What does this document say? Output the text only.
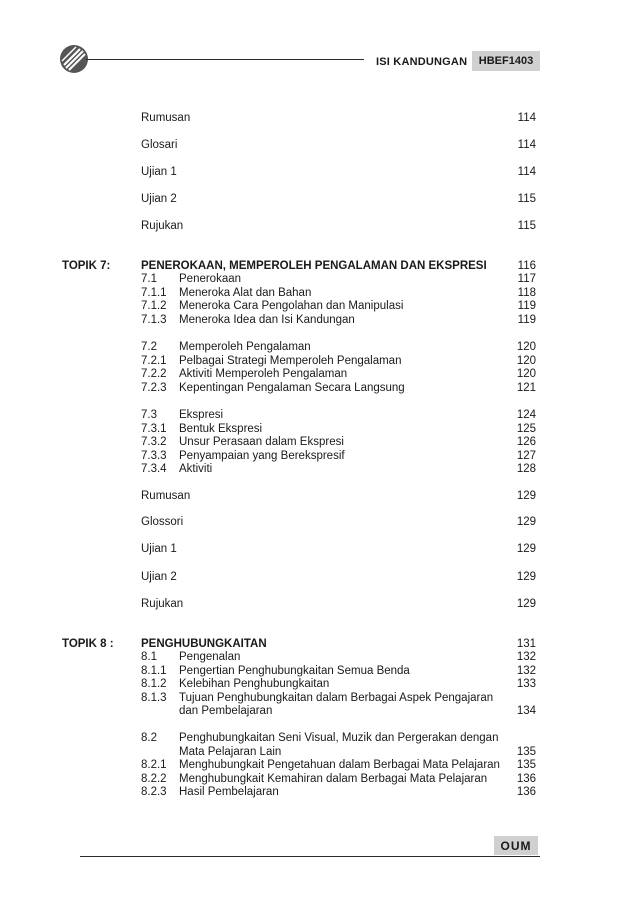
ISI KANDUNGAN	HBEF1403
Rumusan	114
Glosari	114
Ujian 1	114
Ujian 2	115
Rujukan	115
TOPIK 7:	PENEROKAAN, MEMPEROLEH PENGALAMAN DAN EKSPRESI	116
7.1 Penerokaan	117
7.1.1 Meneroka Alat dan Bahan	118
7.1.2 Meneroka Cara Pengolahan dan Manipulasi	119
7.1.3 Meneroka Idea dan Isi Kandungan	119
7.2 Memperoleh Pengalaman	120
7.2.1 Pelbagai Strategi Memperoleh Pengalaman	120
7.2.2 Aktiviti Memperoleh Pengalaman	120
7.2.3 Kepentingan Pengalaman Secara Langsung	121
7.3 Ekspresi	124
7.3.1 Bentuk Ekspresi	125
7.3.2 Unsur Perasaan dalam Ekspresi	126
7.3.3 Penyampaian yang Berekspresif	127
7.3.4 Aktiviti	128
Rumusan	129
Glossori	129
Ujian 1	129
Ujian 2	129
Rujukan	129
TOPIK 8 : PENGHUBUNGKAITAN	131
8.1 Pengenalan	132
8.1.1 Pengertian Penghubungkaitan Semua Benda	132
8.1.2 Kelebihan Penghubungkaitan	133
8.1.3 Tujuan Penghubungkaitan dalam Berbagai Aspek Pengajaran
dan Pembelajaran	134
8.2 Penghubungkaitan Seni Visual, Muzik dan Pergerakan dengan
Mata Pelajaran Lain	135
8.2.1 Menghubungkait Pengetahuan dalam Berbagai Mata Pelajaran 135
8.2.2 Menghubungkait Kemahiran dalam Berbagai Mata Pelajaran	136
8.2.3 Hasil Pembelajaran	136
OUM
